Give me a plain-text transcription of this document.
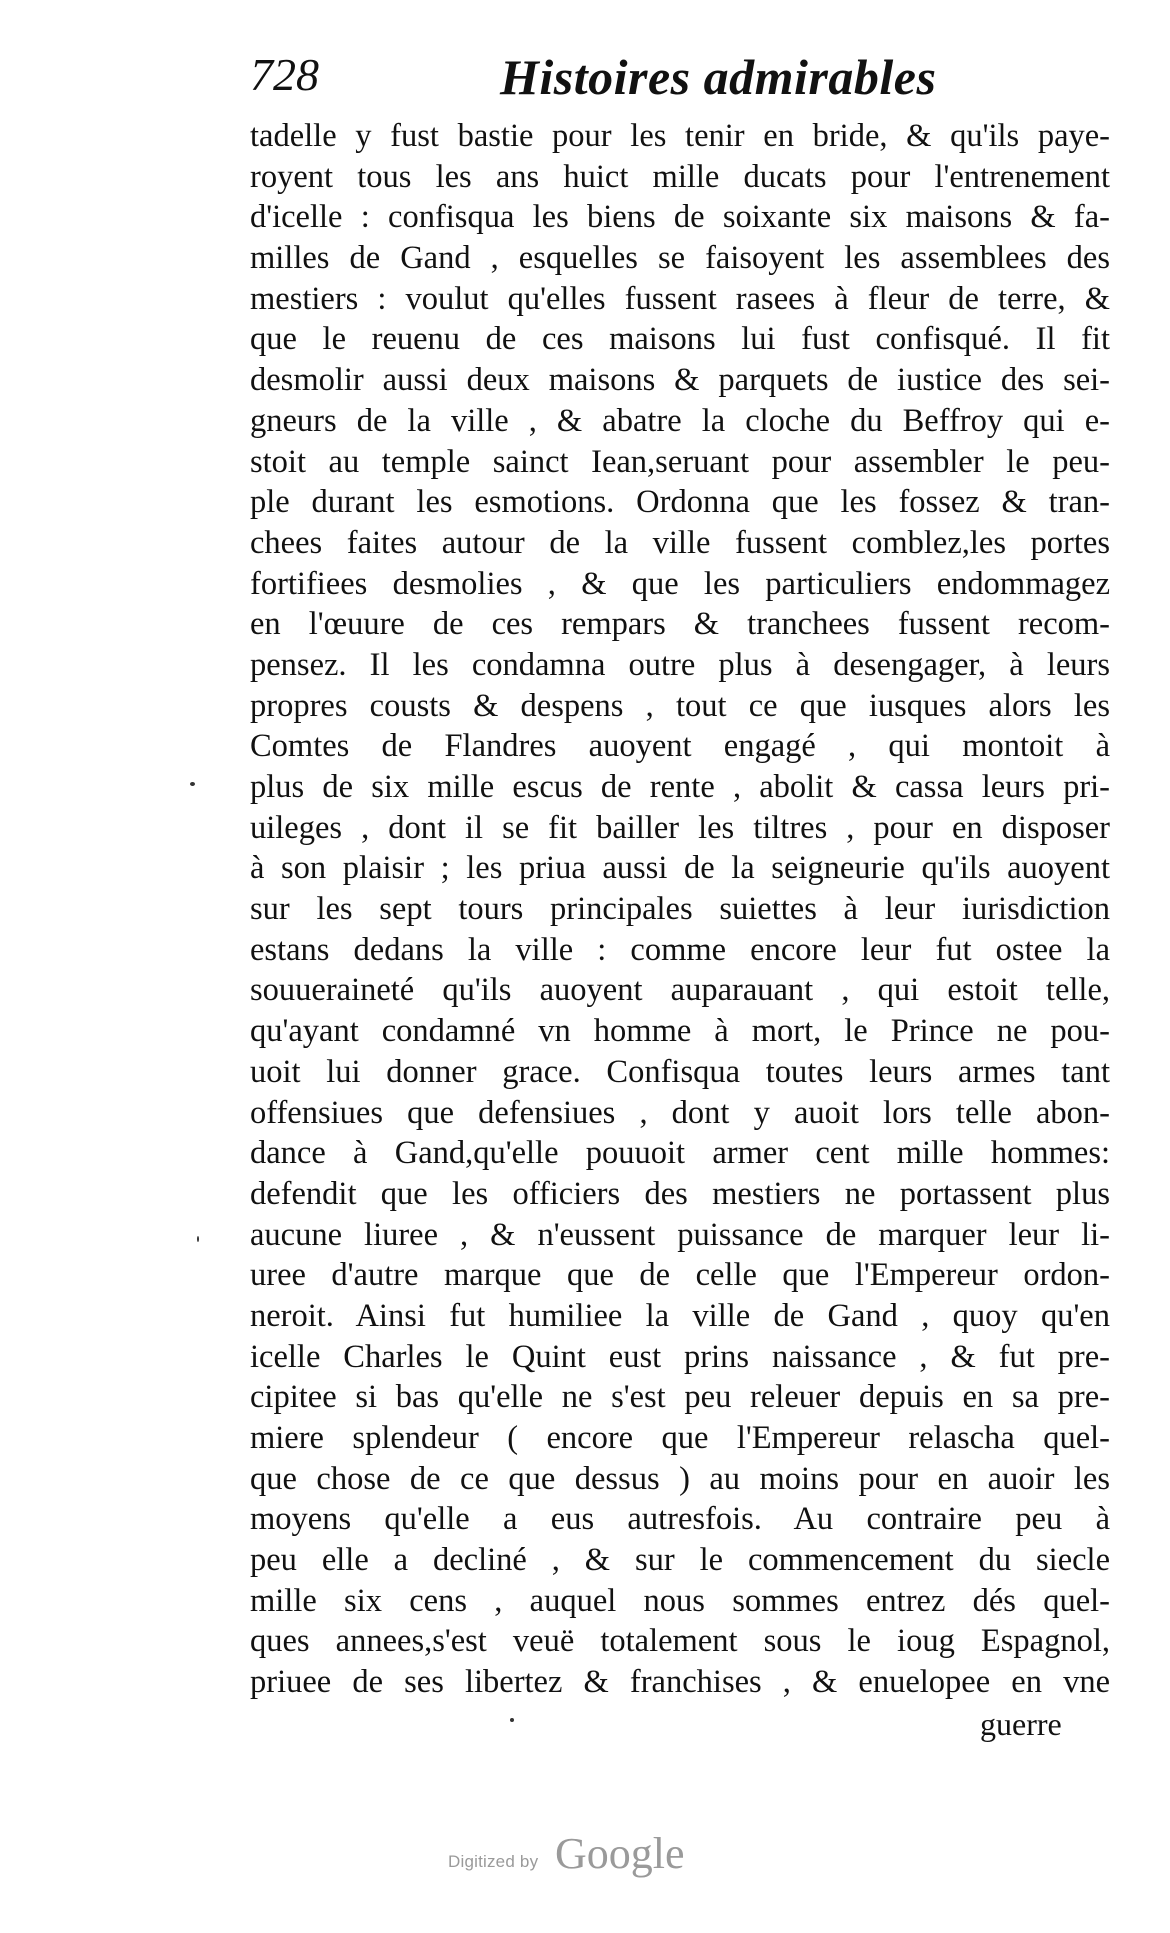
728	Histoires admirables
tadelle y fust bastie pour les tenir en bride, & qu'ils paye-
royent tous les ans huict mille ducats pour l'entrenement
d'icelle : confisqua les biens de soixante six maisons & fa-
milles de Gand , esquelles se faisoyent les assemblees des
mestiers : voulut qu'elles fussent rasees à fleur de terre, &
que le reuenu de ces maisons lui fust confisqué. Il fit
desmolir aussi deux maisons & parquets de iustice des sei-
gneurs de la ville , & abatre la cloche du Beffroy qui e-
stoit au temple sainct Iean,seruant pour assembler le peu-
ple durant les esmotions. Ordonna que les fossez & tran-
chees faites autour de la ville fussent comblez,les portes
fortifiees desmolies , & que les particuliers endommagez
en l'œuure de ces rempars & tranchees fussent recom-
pensez. Il les condamna outre plus à desengager, à leurs
propres cousts & despens , tout ce que iusques alors les
Comtes de Flandres auoyent engagé , qui montoit à
plus de six mille escus de rente , abolit & cassa leurs pri-
uileges , dont il se fit bailler les tiltres , pour en disposer
à son plaisir ; les priua aussi de la seigneurie qu'ils auoyent
sur les sept tours principales suiettes à leur iurisdiction
estans dedans la ville : comme encore leur fut ostee la
souueraineté qu'ils auoyent auparauant , qui estoit telle,
qu'ayant condamné vn homme à mort, le Prince ne pou-
uoit lui donner grace. Confisqua toutes leurs armes tant
offensiues que defensiues , dont y auoit lors telle abon-
dance à Gand,qu'elle pouuoit armer cent mille hommes:
defendit que les officiers des mestiers ne portassent plus
aucune liuree , & n'eussent puissance de marquer leur li-
uree d'autre marque que de celle que l'Empereur ordon-
neroit. Ainsi fut humiliee la ville de Gand , quoy qu'en
icelle Charles le Quint eust prins naissance , & fut pre-
cipitee si bas qu'elle ne s'est peu releuer depuis en sa pre-
miere splendeur ( encore que l'Empereur relascha quel-
que chose de ce que dessus ) au moins pour en auoir les
moyens qu'elle a eus autresfois. Au contraire peu à
peu elle a decliné , & sur le commencement du siecle
mille six cens , auquel nous sommes entrez dés quel-
ques annees,s'est veuë totalement sous le ioug Espagnol,
priuee de ses libertez & franchises , & enuelopee en vne
guerre
Digitized by Google
